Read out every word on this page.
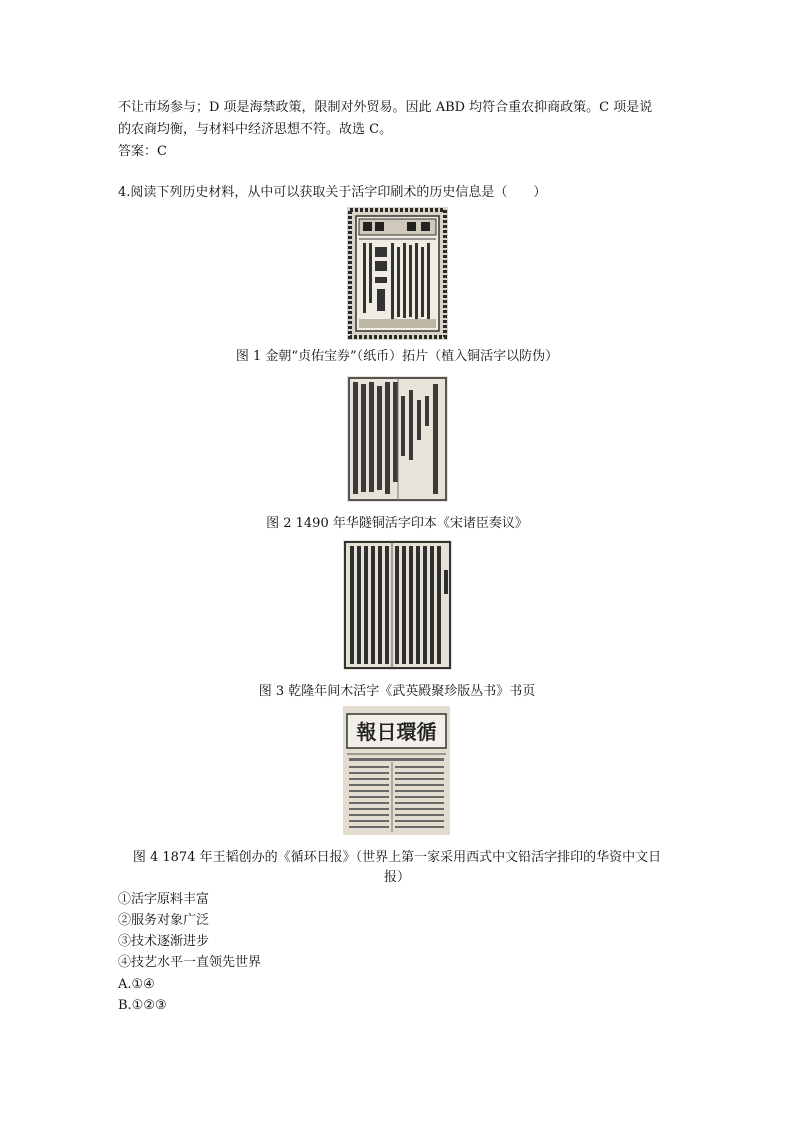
不让市场参与；D 项是海禁政策，限制对外贸易。因此 ABD 均符合重农抑商政策。C 项是说
的农商均衡，与材料中经济思想不符。故选 C。
答案：C
4.阅读下列历史材料，从中可以获取关于活字印刷术的历史信息是（　　）
图 1 金朝“贞佑宝券”（纸币）拓片（植入铜活字以防伪）
图 2 1490 年华隧铜活字印本《宋诸臣奏议》
图 3 乾隆年间木活字《武英殿聚珍版丛书》书页
報日環循
图 4 1874 年王韬创办的《循环日报》（世界上第一家采用西式中文铅活字排印的华资中文日
报）
①活字原料丰富
②服务对象广泛
③技术逐渐进步
④技艺水平一直领先世界
A.①④
B.①②③
